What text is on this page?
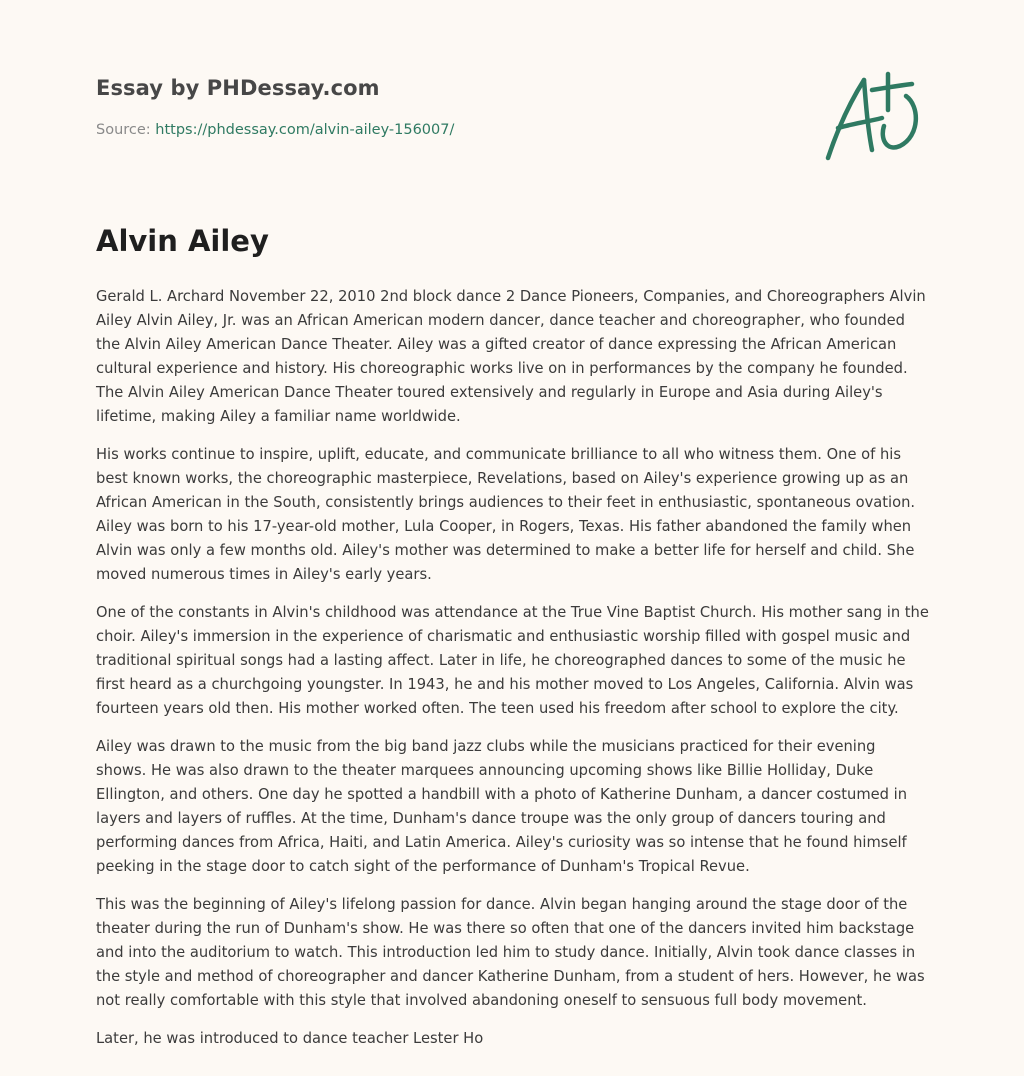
Essay by PHDessay.com
Source: https://phdessay.com/alvin-ailey-156007/
Alvin Ailey

Gerald L. Archard November 22, 2010 2nd block dance 2 Dance Pioneers, Companies, and Choreographers Alvin Ailey Alvin Ailey, Jr. was an African American modern dancer, dance teacher and choreographer, who founded the Alvin Ailey American Dance Theater. Ailey was a gifted creator of dance expressing the African American cultural experience and history. His choreographic works live on in performances by the company he founded. The Alvin Ailey American Dance Theater toured extensively and regularly in Europe and Asia during Ailey's lifetime, making Ailey a familiar name worldwide.

His works continue to inspire, uplift, educate, and communicate brilliance to all who witness them. One of his best known works, the choreographic masterpiece, Revelations, based on Ailey's experience growing up as an African American in the South, consistently brings audiences to their feet in enthusiastic, spontaneous ovation. Ailey was born to his 17-year-old mother, Lula Cooper, in Rogers, Texas. His father abandoned the family when Alvin was only a few months old. Ailey's mother was determined to make a better life for herself and child. She moved numerous times in Ailey's early years.

One of the constants in Alvin's childhood was attendance at the True Vine Baptist Church. His mother sang in the choir. Ailey's immersion in the experience of charismatic and enthusiastic worship filled with gospel music and traditional spiritual songs had a lasting affect. Later in life, he choreographed dances to some of the music he first heard as a churchgoing youngster. In 1943, he and his mother moved to Los Angeles, California. Alvin was fourteen years old then. His mother worked often. The teen used his freedom after school to explore the city.

Ailey was drawn to the music from the big band jazz clubs while the musicians practiced for their evening shows. He was also drawn to the theater marquees announcing upcoming shows like Billie Holliday, Duke Ellington, and others. One day he spotted a handbill with a photo of Katherine Dunham, a dancer costumed in layers and layers of ruffles. At the time, Dunham's dance troupe was the only group of dancers touring and performing dances from Africa, Haiti, and Latin America. Ailey's curiosity was so intense that he found himself peeking in the stage door to catch sight of the performance of Dunham's Tropical Revue.

This was the beginning of Ailey's lifelong passion for dance. Alvin began hanging around the stage door of the theater during the run of Dunham's show. He was there so often that one of the dancers invited him backstage and into the auditorium to watch. This introduction led him to study dance. Initially, Alvin took dance classes in the style and method of choreographer and dancer Katherine Dunham, from a student of hers. However, he was not really comfortable with this style that involved abandoning oneself to sensuous full body movement.

Later, he was introduced to dance teacher Lester Ho
